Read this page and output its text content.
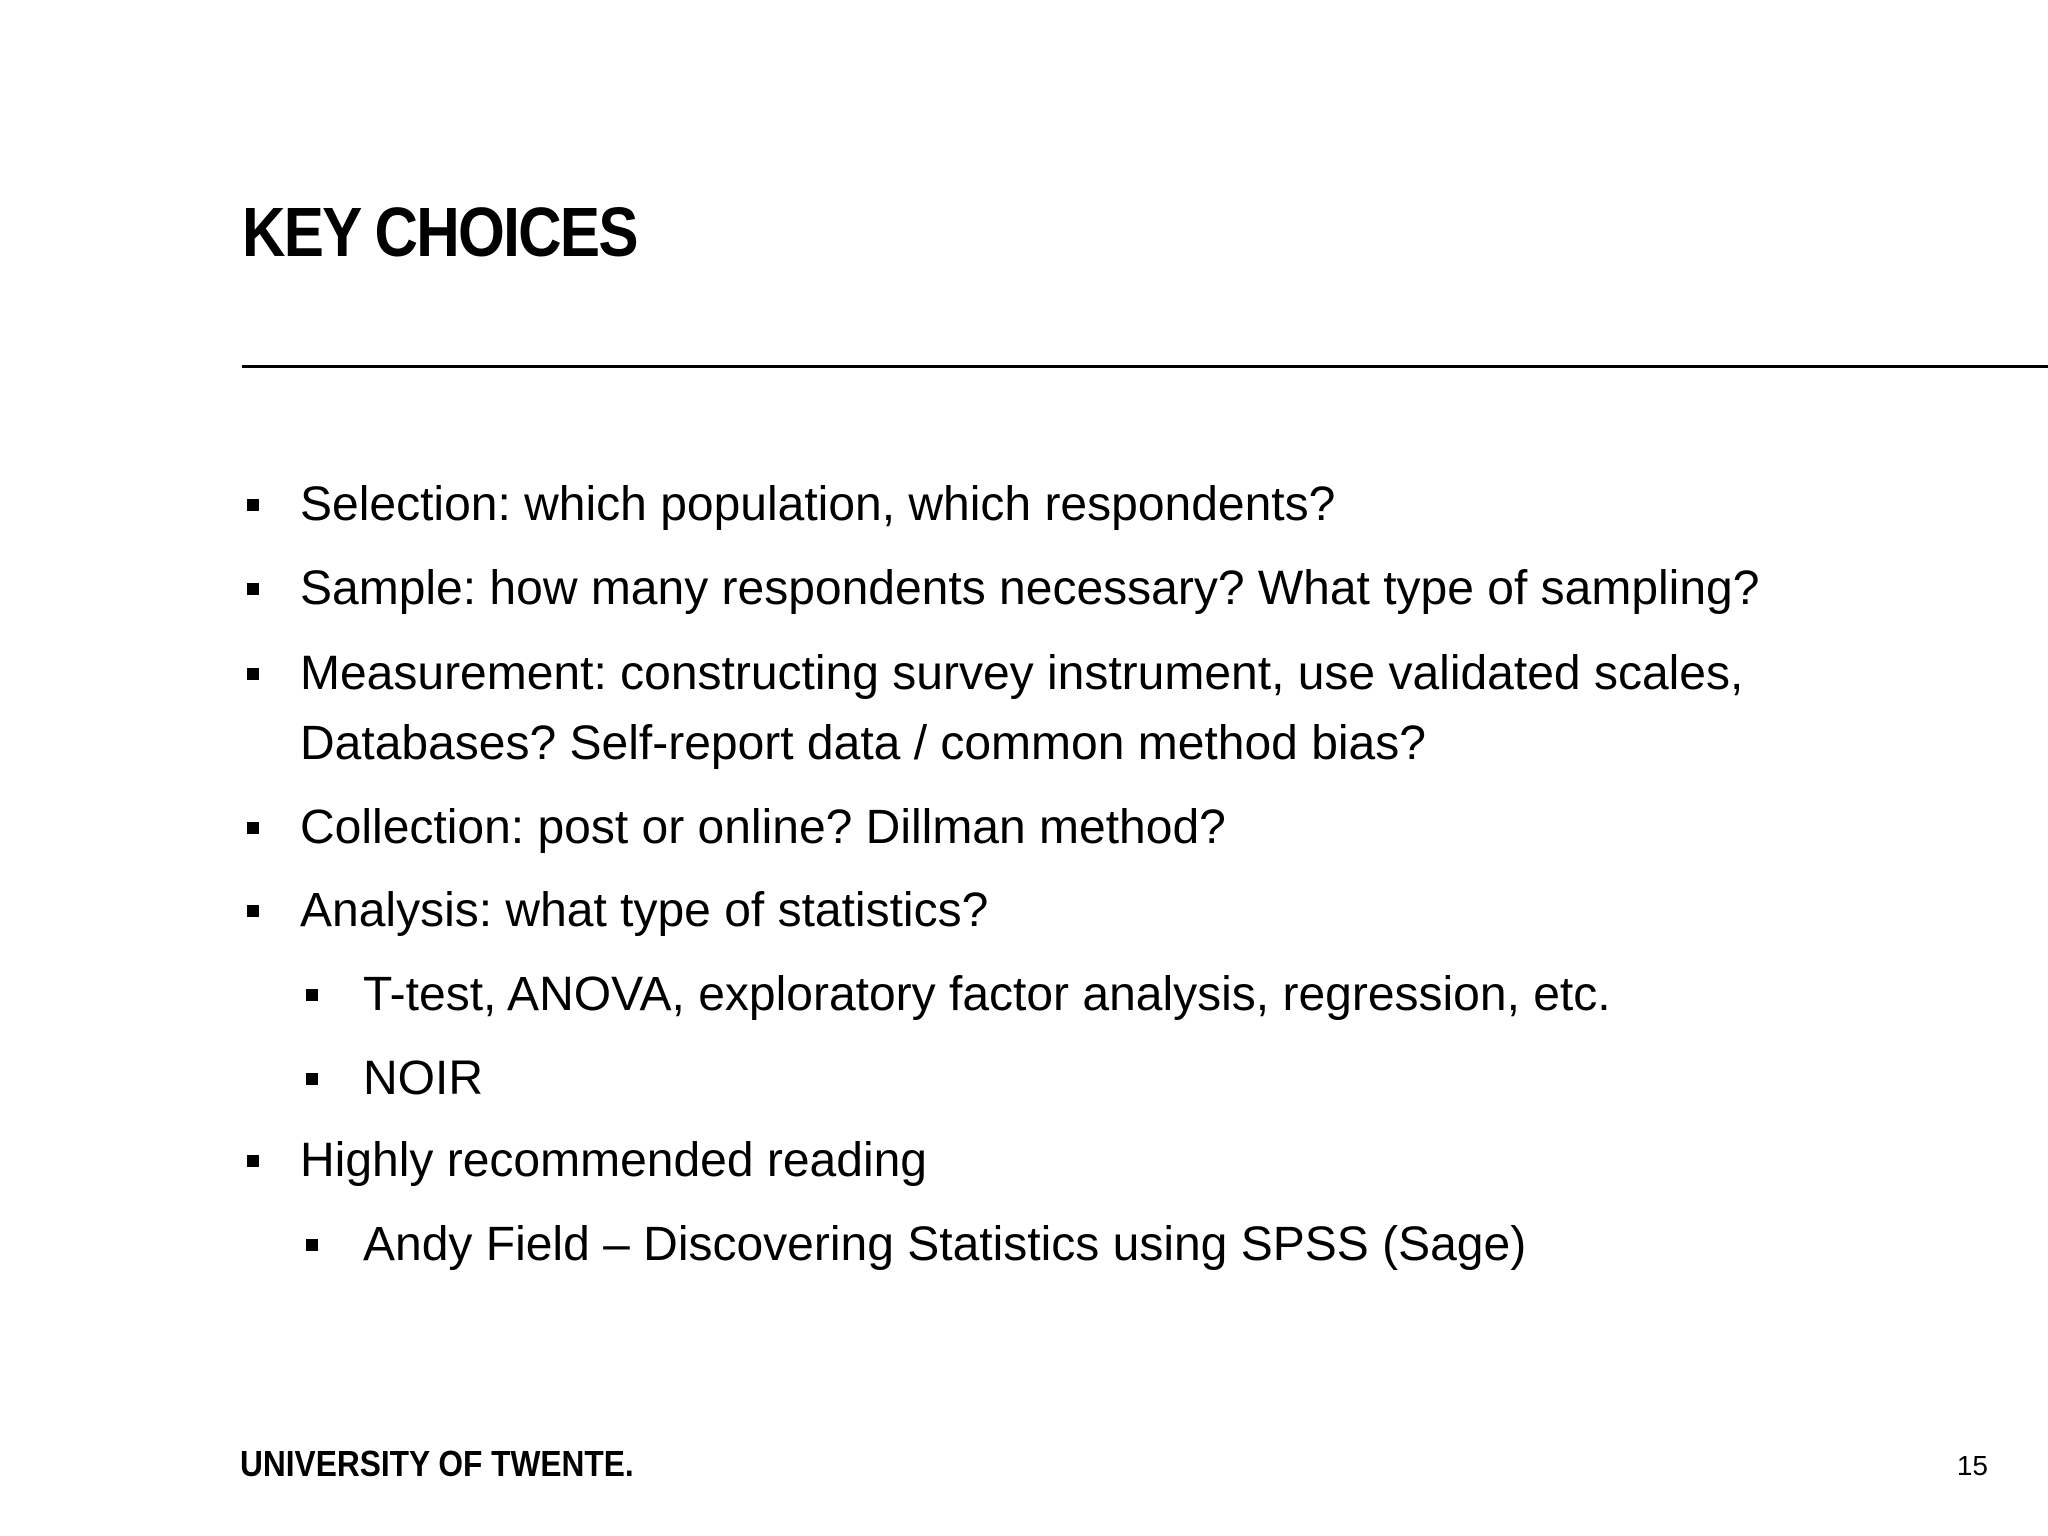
KEY CHOICES
Selection: which population, which respondents?
Sample: how many respondents necessary? What type of sampling?
Measurement: constructing survey instrument, use validated scales,
Databases? Self-report data / common method bias?
Collection: post or online? Dillman method?
Analysis: what type of statistics?
T-test, ANOVA, exploratory factor analysis, regression, etc.
NOIR
Highly recommended reading
Andy Field – Discovering Statistics using SPSS (Sage)
UNIVERSITY OF TWENTE.	15
